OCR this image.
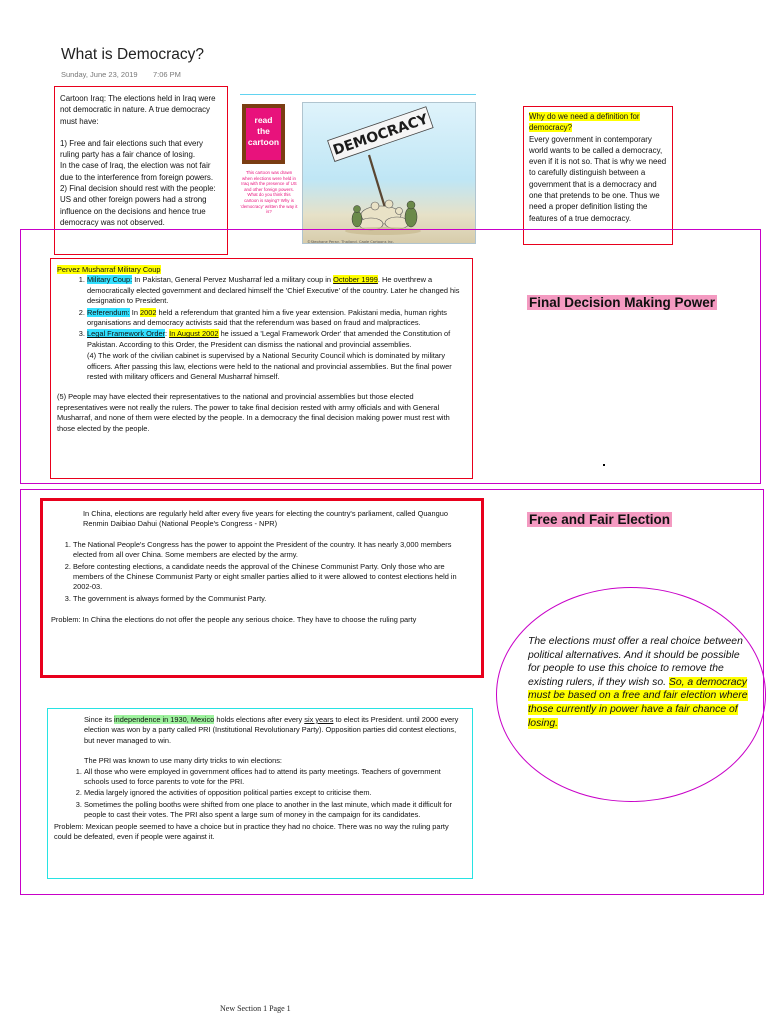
What is Democracy?
Sunday, June 23, 2019 7:06 PM

Cartoon Iraq: The elections held in Iraq were not democratic in nature. A true democracy must have:

1) Free and fair elections such that every ruling party has a fair chance of losing.

In the case of Iraq, the election was not fair due to the interference from foreign powers.

2) Final decision should rest with the people: US and other foreign powers had a strong influence on the decisions and hence true democracy was not observed.

read
the
cartoon
This cartoon was drawn when elections were held in Iraq with the presence of US and other foreign powers. What do you think this cartoon is saying? Why is 'democracy' written the way it is?
DEMOCRACY
©Stephane Peray, Thailand, Cagle Cartoons Inc.

Why do we need a definition for democracy?

Every government in contemporary world wants to be called a democracy, even if it is not so. That is why we need to carefully distinguish between a government that is a democracy and one that pretends to be one. Thus we need a proper definition listing the features of a true democracy.

Pervez Musharraf Military Coup

1. Military Coup: In Pakistan, General Pervez Musharraf led a military coup in October 1999. He overthrew a democratically elected government and declared himself the 'Chief Executive' of the country. Later he changed his designation to President.
2. Referendum: In 2002 held a referendum that granted him a five year extension. Pakistani media, human rights organisations and democracy activists said that the referendum was based on fraud and malpractices.
3. Legal Framework Order: In August 2002 he issued a 'Legal Framework Order' that amended the Constitution of Pakistan. According to this Order, the President can dismiss the national and provincial assemblies.

(4) The work of the civilian cabinet is supervised by a National Security Council which is dominated by military officers. After passing this law, elections were held to the national and provincial assemblies. But the final power rested with military officers and General Musharraf himself.

(5) People may have elected their representatives to the national and provincial assemblies but those elected representatives were not really the rulers. The power to take final decision rested with army officials and with General Musharraf, and none of them were elected by the people. In a democracy the final decision making power must rest with those elected by the people.

Final Decision Making Power

In China, elections are regularly held after every five years for electing the country's parliament, called Quanguo Renmin Daibiao Dahui (National People's Congress - NPR)

1. The National People's Congress has the power to appoint the President of the country. It has nearly 3,000 members elected from all over China. Some members are elected by the army.
2. Before contesting elections, a candidate needs the approval of the Chinese Communist Party. Only those who are members of the Chinese Communist Party or eight smaller parties allied to it were allowed to contest elections held in 2002-03.
3. The government is always formed by the Communist Party.

Problem: In China the elections do not offer the people any serious choice. They have to choose the ruling party

Free and Fair Election
The elections must offer a real choice between political alternatives. And it should be possible for people to use this choice to remove the existing rulers, if they wish so. So, a democracy must be based on a free and fair election where those currently in power have a fair chance of losing.

Since its independence in 1930, Mexico holds elections after every six years to elect its President. until 2000 every election was won by a party called PRI (Institutional Revolutionary Party). Opposition parties did contest elections, but never managed to win.

The PRI was known to use many dirty tricks to win elections:

1. All those who were employed in government offices had to attend its party meetings. Teachers of government schools used to force parents to vote for the PRI.
2. Media largely ignored the activities of opposition political parties except to criticise them.
3. Sometimes the polling booths were shifted from one place to another in the last minute, which made it difficult for people to cast their votes. The PRI also spent a large sum of money in the campaign for its candidates.

Problem: Mexican people seemed to have a choice but in practice they had no choice. There was no way the ruling party could be defeated, even if people were against it.

New Section 1 Page 1
